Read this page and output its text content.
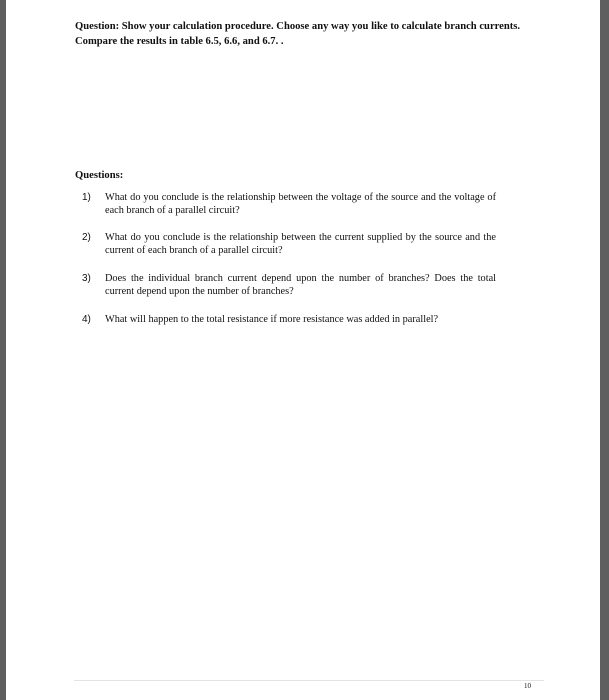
Question: Show your calculation procedure. Choose any way you like to calculate branch currents. Compare the results in table 6.5, 6.6, and 6.7. .
Questions:
1)	What do you conclude is the relationship between the voltage of the source and the voltage of each branch of a parallel circuit?
2)	What do you conclude is the relationship between the current supplied by the source and the current of each branch of a parallel circuit?
3)	Does the individual branch current depend upon the number of branches? Does the total current depend upon the number of branches?
4)	What will happen to the total resistance if more resistance was added in parallel?
10
